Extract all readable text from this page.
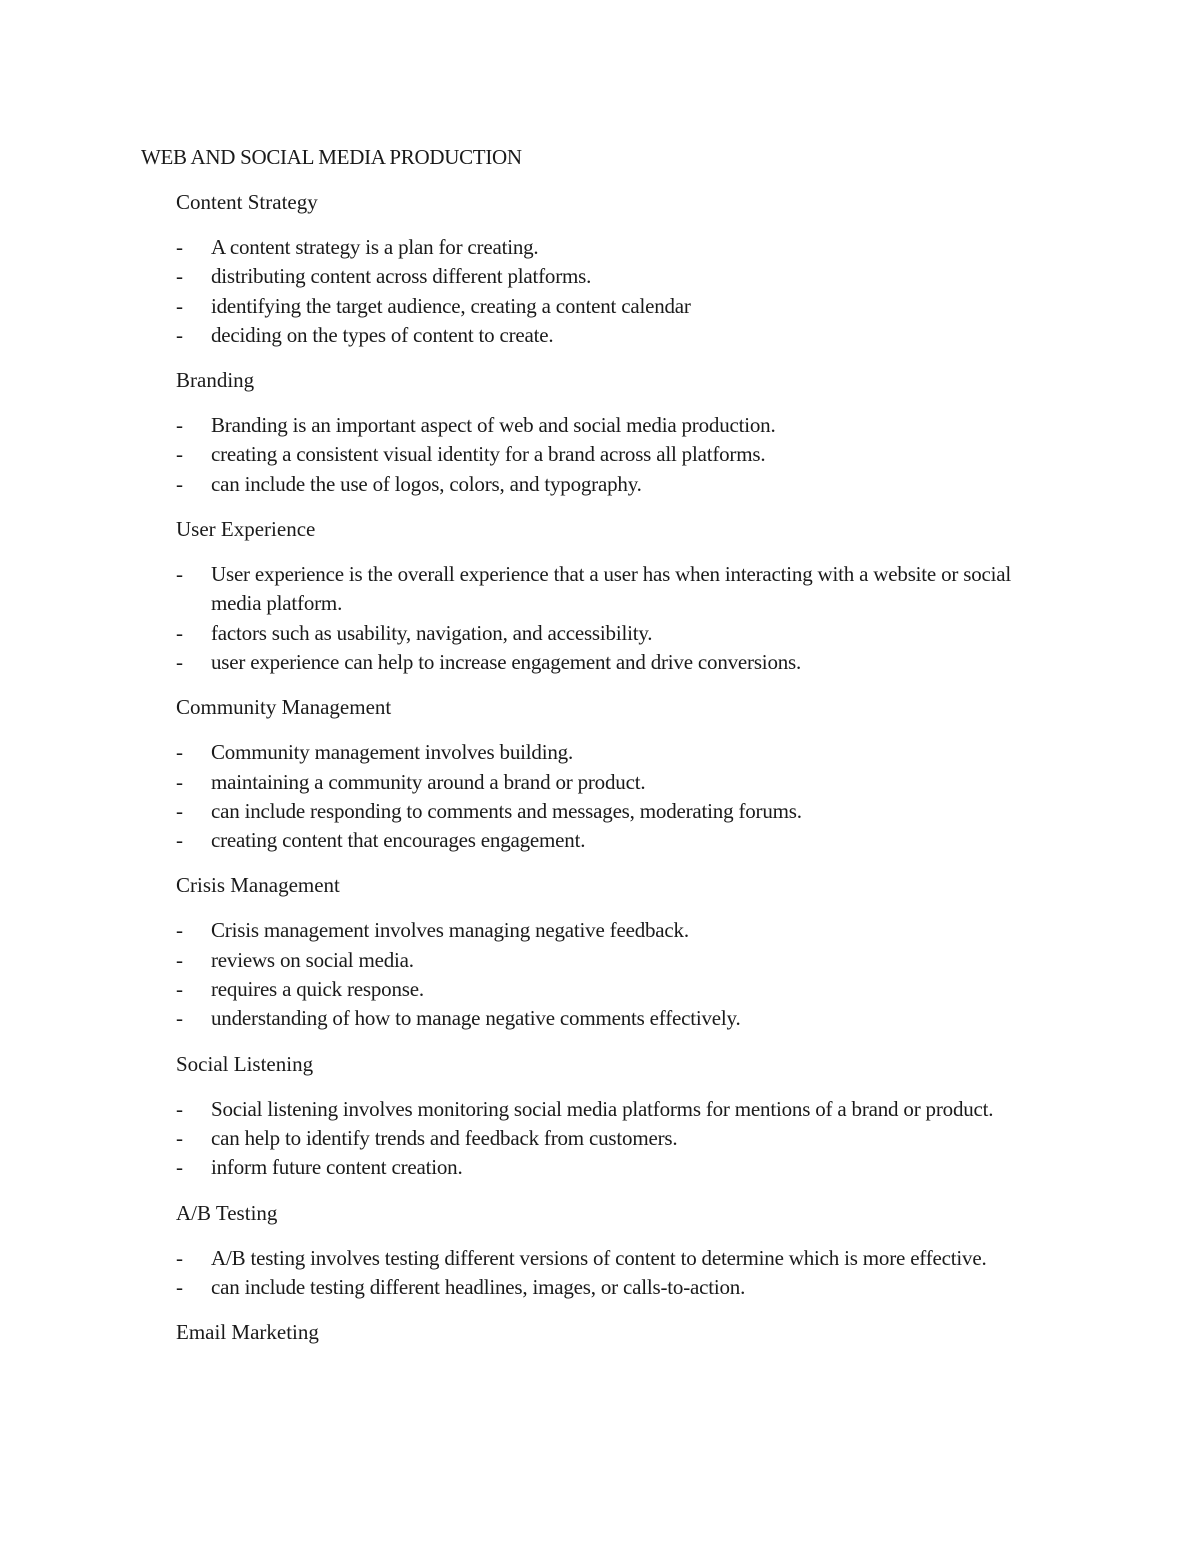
WEB AND SOCIAL MEDIA PRODUCTION
Content Strategy
-	A content strategy is a plan for creating.
-	distributing content across different platforms.
-	identifying the target audience, creating a content calendar
-	deciding on the types of content to create.
Branding
-	Branding is an important aspect of web and social media production.
-	creating a consistent visual identity for a brand across all platforms.
-	can include the use of logos, colors, and typography.
User Experience
-	User experience is the overall experience that a user has when interacting with a website or social media platform.
-	factors such as usability, navigation, and accessibility.
-	user experience can help to increase engagement and drive conversions.
Community Management
-	Community management involves building.
-	maintaining a community around a brand or product.
-	can include responding to comments and messages, moderating forums.
-	creating content that encourages engagement.
Crisis Management
-	Crisis management involves managing negative feedback.
-	reviews on social media.
-	requires a quick response.
-	understanding of how to manage negative comments effectively.
Social Listening
-	Social listening involves monitoring social media platforms for mentions of a brand or product.
-	can help to identify trends and feedback from customers.
-	inform future content creation.
A/B Testing
-	A/B testing involves testing different versions of content to determine which is more effective.
-	can include testing different headlines, images, or calls-to-action.
Email Marketing
